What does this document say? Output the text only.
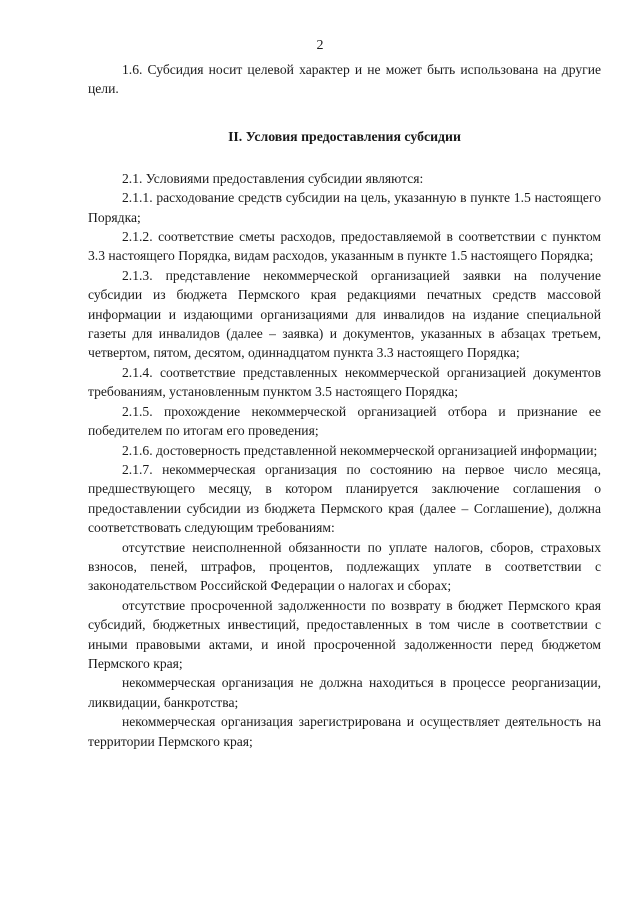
2

1.6. Субсидия носит целевой характер и не может быть использована на другие цели.

II. Условия предоставления субсидии

2.1. Условиями предоставления субсидии являются:

2.1.1. расходование средств субсидии на цель, указанную в пункте 1.5 настоящего Порядка;

2.1.2. соответствие сметы расходов, предоставляемой в соответствии с пунктом 3.3 настоящего Порядка, видам расходов, указанным в пункте 1.5 настоящего Порядка;

2.1.3. представление некоммерческой организацией заявки на получение субсидии из бюджета Пермского края редакциями печатных средств массовой информации и издающими организациями для инвалидов на издание специальной газеты для инвалидов (далее – заявка) и документов, указанных в абзацах третьем, четвертом, пятом, десятом, одиннадцатом пункта 3.3 настоящего Порядка;

2.1.4. соответствие представленных некоммерческой организацией документов требованиям, установленным пунктом 3.5 настоящего Порядка;

2.1.5. прохождение некоммерческой организацией отбора и признание ее победителем по итогам его проведения;

2.1.6. достоверность представленной некоммерческой организацией информации;

2.1.7. некоммерческая организация по состоянию на первое число месяца, предшествующего месяцу, в котором планируется заключение соглашения о предоставлении субсидии из бюджета Пермского края (далее – Соглашение), должна соответствовать следующим требованиям:

отсутствие неисполненной обязанности по уплате налогов, сборов, страховых взносов, пеней, штрафов, процентов, подлежащих уплате в соответствии с законодательством Российской Федерации о налогах и сборах;

отсутствие просроченной задолженности по возврату в бюджет Пермского края субсидий, бюджетных инвестиций, предоставленных в том числе в соответствии с иными правовыми актами, и иной просроченной задолженности перед бюджетом Пермского края;

некоммерческая организация не должна находиться в процессе реорганизации, ликвидации, банкротства;

некоммерческая организация зарегистрирована и осуществляет деятельность на территории Пермского края;
